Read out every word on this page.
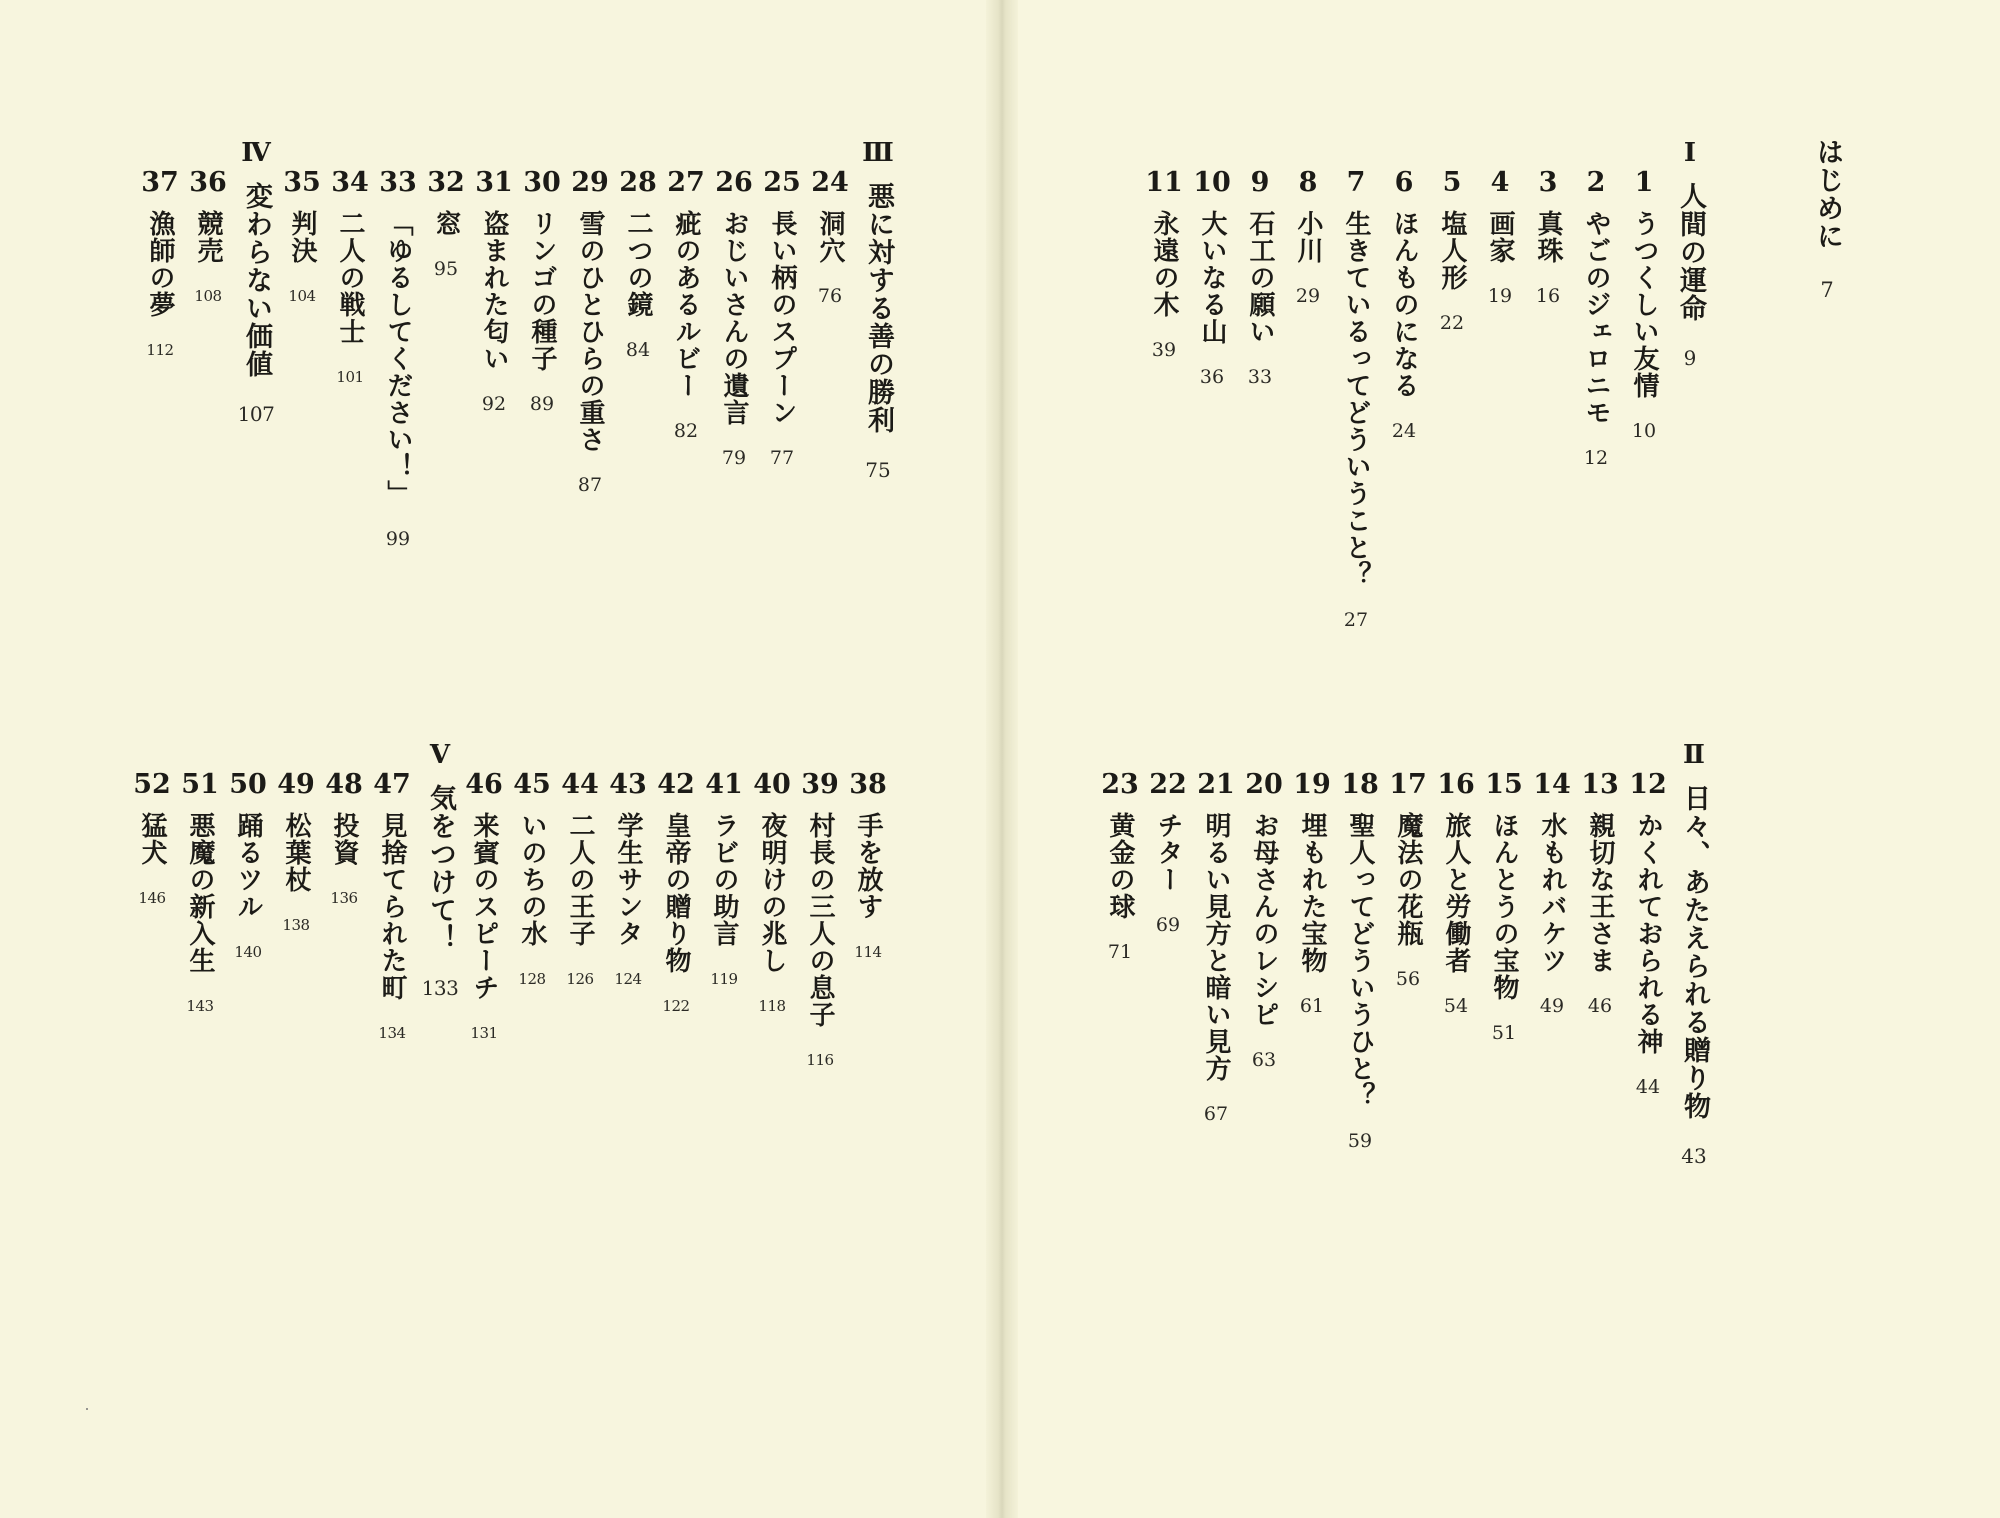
はじめに
7
Ⅰ
人間の運命
9
1
うつくしい友情
10
2
やごのジェロニモ
12
3
真珠
16
4
画家
19
5
塩人形
22
6
ほんものになる
24
7
生きているってどういうこと？
27
8
小川
29
9
石工の願い
33
10
大いなる山
36
11
永遠の木
39
Ⅱ
日々、あたえられる贈り物
43
12
かくれておられる神
44
13
親切な王さま
46
14
水もれバケツ
49
15
ほんとうの宝物
51
16
旅人と労働者
54
17
魔法の花瓶
56
18
聖人ってどういうひと？
59
19
埋もれた宝物
61
20
お母さんのレシピ
63
21
明るい見方と暗い見方
67
22
チター
69
23
黄金の球
71
Ⅲ
悪に対する善の勝利
75
24
洞穴
76
25
長い柄のスプーン
77
26
おじいさんの遺言
79
27
疵のあるルビー
82
28
二つの鏡
84
29
雪のひとひらの重さ
87
30
リンゴの種子
89
31
盗まれた匂い
92
32
窓
95
33
「ゆるしてください！」
99
34
二人の戦士
101
35
判決
104
Ⅳ
変わらない価値
107
36
競売
108
37
漁師の夢
112
38
手を放す
114
39
村長の三人の息子
116
40
夜明けの兆し
118
41
ラビの助言
119
42
皇帝の贈り物
122
43
学生サンタ
124
44
二人の王子
126
45
いのちの水
128
46
来賓のスピーチ
131
Ⅴ
気をつけて！
133
47
見捨てられた町
134
48
投資
136
49
松葉杖
138
50
踊るツル
140
51
悪魔の新入生
143
52
猛犬
146
